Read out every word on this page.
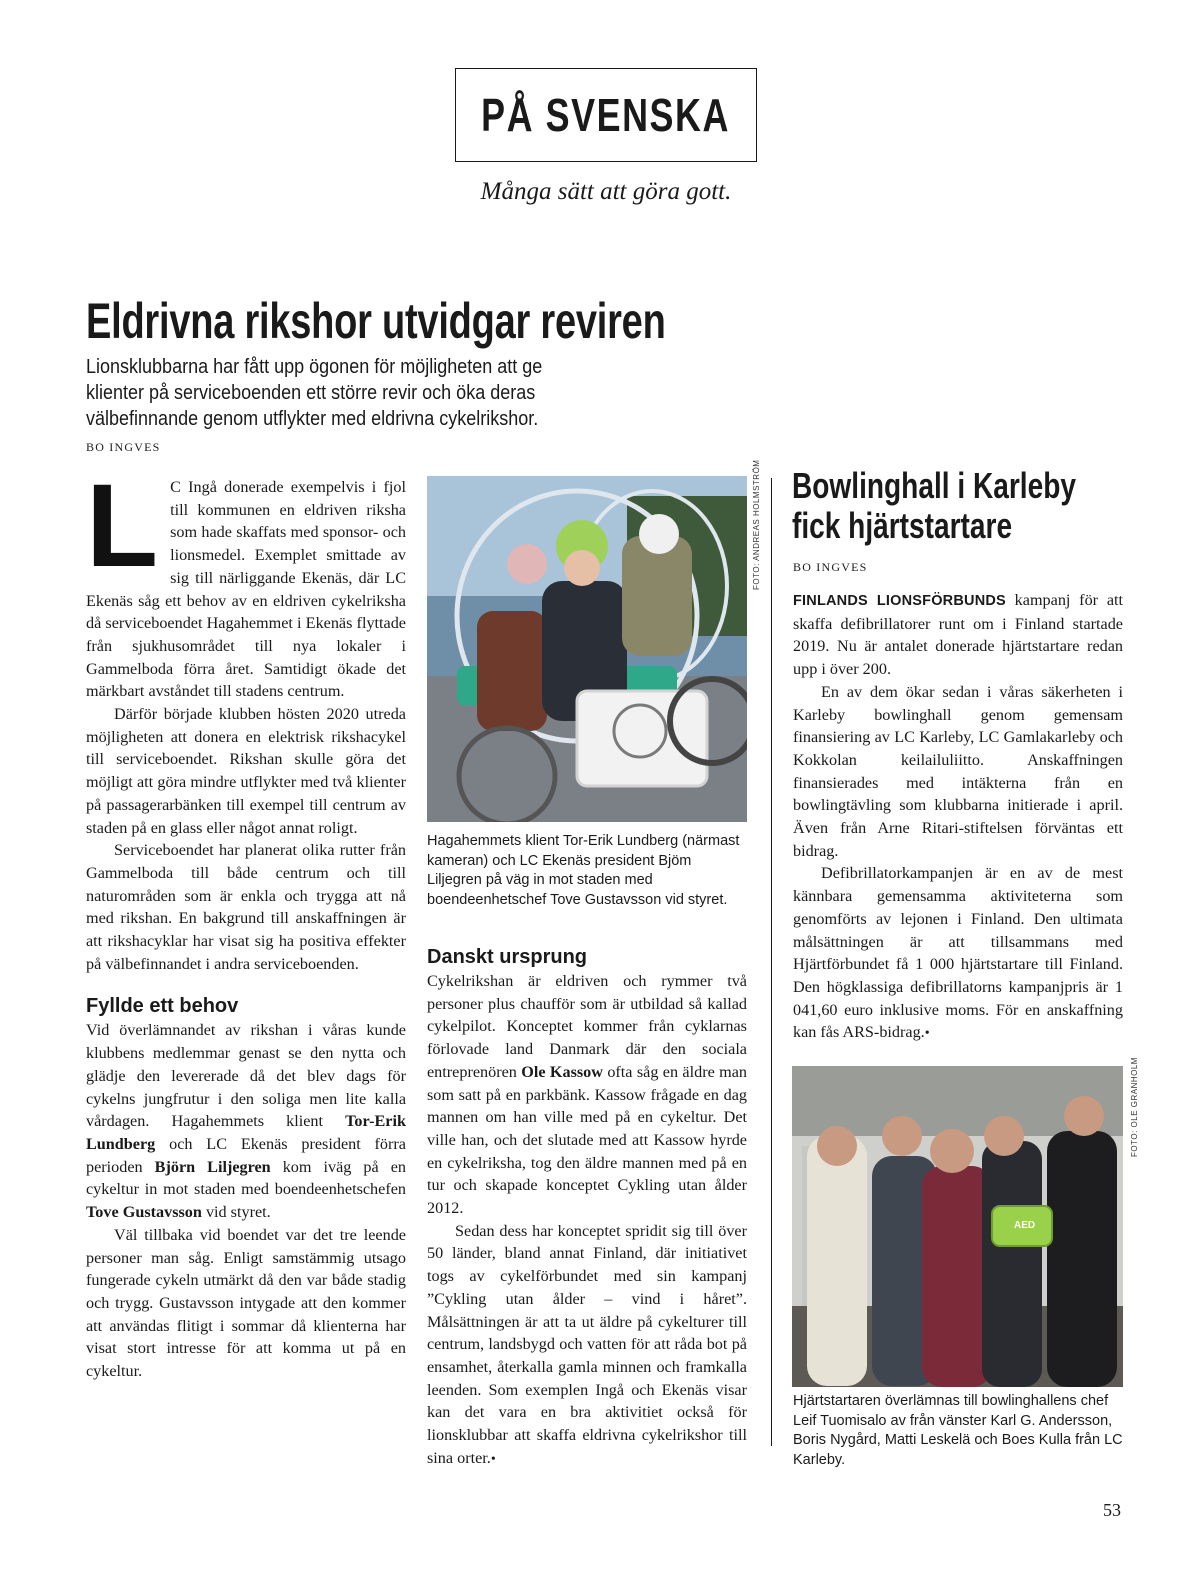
PÅ SVENSKA
Många sätt att göra gott.
Eldrivna rikshor utvidgar reviren
Lionsklubbarna har fått upp ögonen för möjligheten att ge
klienter på serviceboenden ett större revir och öka deras
välbefinnande genom utflykter med eldrivna cykelrikshor.
BO INGVES

L C Ingå donerade exempelvis i fjol till kommunen en eldriven riksha som hade skaffats med sponsor- och lionsmedel. Exemplet smittade av sig till närliggande Ekenäs, där LC Ekenäs såg ett behov av en eldriven cykelriksha då serviceboendet Hagahemmet i Ekenäs flyttade från sjukhusområdet till nya lokaler i Gammelboda förra året. Samtidigt ökade det märkbart avståndet till stadens centrum.

Därför började klubben hösten 2020 utreda möjligheten att donera en elektrisk rikshacykel till serviceboendet. Rikshan skulle göra det möjligt att göra mindre utflykter med två klienter på passagerarbänken till exempel till centrum av staden på en glass eller något annat roligt.

Serviceboendet har planerat olika rutter från Gammelboda till både centrum och till naturområden som är enkla och trygga att nå med rikshan. En bakgrund till anskaffningen är att rikshacyklar har visat sig ha positiva effekter på välbefinnandet i andra serviceboenden.

Fyllde ett behov

Vid överlämnandet av rikshan i våras kunde klubbens medlemmar genast se den nytta och glädje den levererade då det blev dags för cykelns jungfrutur i den soliga men lite kalla vårdagen. Hagahemmets klient Tor-Erik Lundberg och LC Ekenäs president förra perioden Björn Liljegren kom iväg på en cykeltur in mot staden med boendeenhetschefen Tove Gustavsson vid styret.

Väl tillbaka vid boendet var det tre leende personer man såg. Enligt samstämmig utsago fungerade cykeln utmärkt då den var både stadig och trygg. Gustavsson intygade att den kommer att användas flitigt i sommar då klienterna har visat stort intresse för att komma ut på en cykeltur.

FOTO: ANDREAS HOLMSTRÖM
Hagahemmets klient Tor-Erik Lundberg (närmast kameran) och LC Ekenäs president Bjöm Liljegren på väg in mot staden med boendeenhetschef Tove Gustavsson vid styret.
Danskt ursprung

Cykelrikshan är eldriven och rymmer två personer plus chaufför som är utbildad så kallad cykelpilot. Konceptet kommer från cyklarnas förlovade land Danmark där den sociala entreprenören Ole Kassow ofta såg en äldre man som satt på en parkbänk. Kassow frågade en dag mannen om han ville med på en cykeltur. Det ville han, och det slutade med att Kassow hyrde en cykelriksha, tog den äldre mannen med på en tur och skapade konceptet Cykling utan ålder 2012.

Sedan dess har konceptet spridit sig till över 50 länder, bland annat Finland, där initiativet togs av cykelförbundet med sin kampanj ”Cykling utan ålder – vind i håret”. Målsättningen är att ta ut äldre på cykelturer till centrum, landsbygd och vatten för att råda bot på ensamhet, återkalla gamla minnen och framkalla leenden. Som exemplen Ingå och Ekenäs visar kan det vara en bra aktivitiet också för lionsklubbar att skaffa eldrivna cykelrikshor till sina orter.•

Bowlinghall i Karleby
fick hjärtstartare
BO INGVES

FINLANDS LIONSFÖRBUNDS kampanj för att skaffa defibrillatorer runt om i Finland startade 2019. Nu är antalet donerade hjärtstartare redan upp i över 200.

En av dem ökar sedan i våras säkerheten i Karleby bowlinghall genom gemensam finansiering av LC Karleby, LC Gamlakarleby och Kokkolan keilailuliitto. Anskaffningen finansierades med intäkterna från en bowlingtävling som klubbarna initierade i april. Även från Arne Ritari-stiftelsen förväntas ett bidrag.

Defibrillatorkampanjen är en av de mest kännbara gemensamma aktiviteterna som genomförts av lejonen i Finland. Den ultimata målsättningen är att tillsammans med Hjärtförbundet få 1 000 hjärtstartare till Finland. Den högklassiga defibrillatorns kampanjpris är 1 041,60 euro inklusive moms. För en anskaffning kan fås ARS-bidrag.•

AED
FOTO: OLE GRANHOLM
Hjärtstartaren överlämnas till bowlinghallens chef Leif Tuomisalo av från vänster Karl G. Andersson, Boris Nygård, Matti Leskelä och Boes Kulla från LC Karleby.
53
